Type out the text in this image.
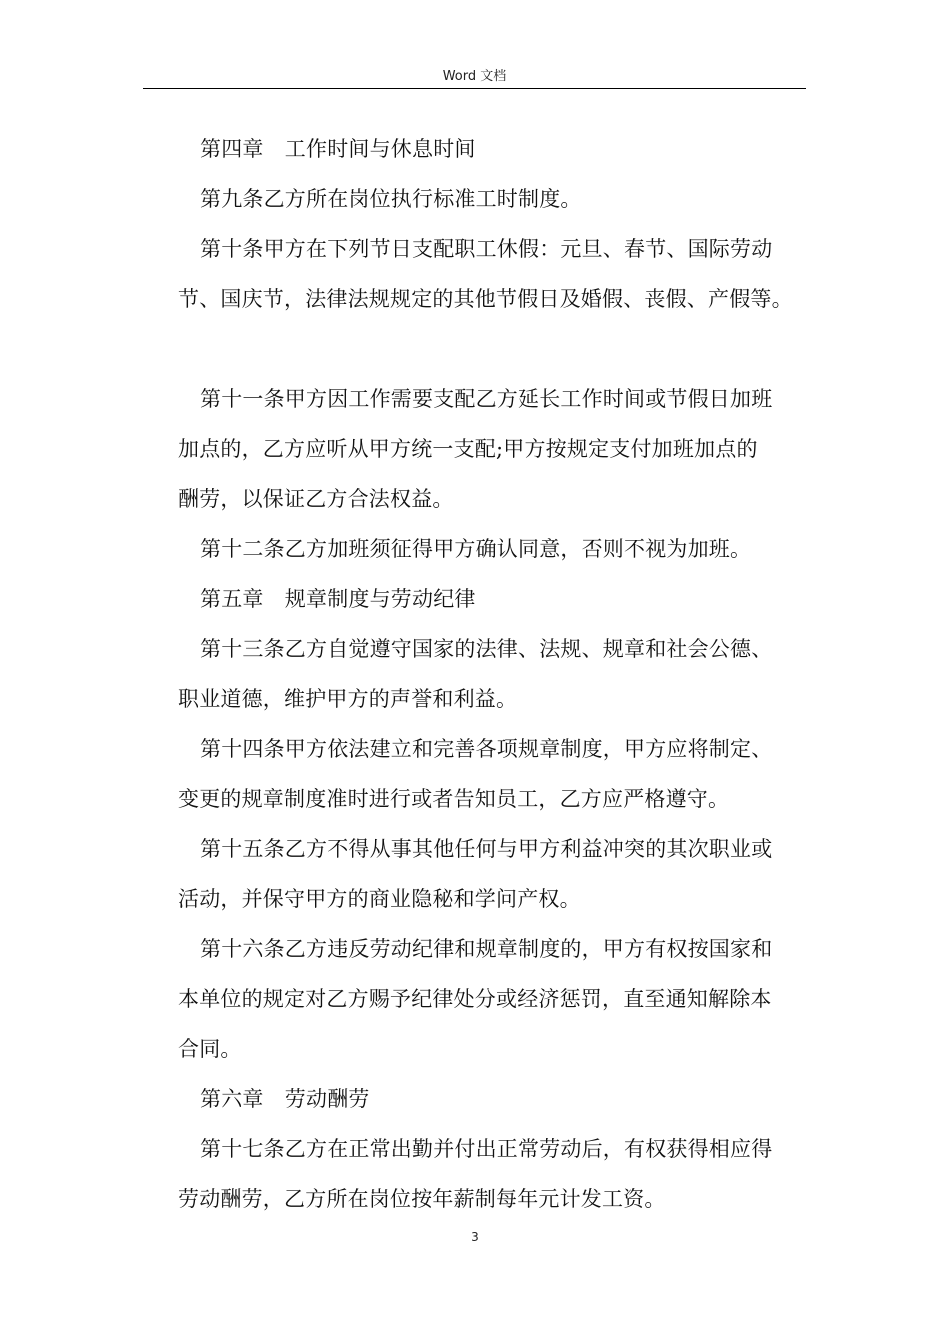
Word 文档
第四章　工作时间与休息时间
第九条乙方所在岗位执行标准工时制度。
第十条甲方在下列节日支配职工休假：元旦、春节、国际劳动
节、国庆节，法律法规规定的其他节假日及婚假、丧假、产假等。
第十一条甲方因工作需要支配乙方延长工作时间或节假日加班
加点的，乙方应听从甲方统一支配;甲方按规定支付加班加点的
酬劳，以保证乙方合法权益。
第十二条乙方加班须征得甲方确认同意，否则不视为加班。
第五章　规章制度与劳动纪律
第十三条乙方自觉遵守国家的法律、法规、规章和社会公德、
职业道德，维护甲方的声誉和利益。
第十四条甲方依法建立和完善各项规章制度，甲方应将制定、
变更的规章制度准时进行或者告知员工，乙方应严格遵守。
第十五条乙方不得从事其他任何与甲方利益冲突的其次职业或
活动，并保守甲方的商业隐秘和学问产权。
第十六条乙方违反劳动纪律和规章制度的，甲方有权按国家和
本单位的规定对乙方赐予纪律处分或经济惩罚，直至通知解除本
合同。
第六章　劳动酬劳
第十七条乙方在正常出勤并付出正常劳动后，有权获得相应得
劳动酬劳，乙方所在岗位按年薪制每年元计发工资。
3
